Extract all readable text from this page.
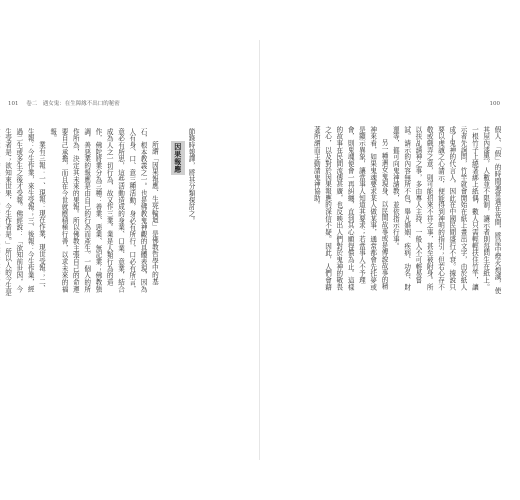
101 卷二　遇女鬼：在生障緣不出口的秘密	100

節錄時報譯，將其分類探討之。

因果報應

所謂「因果報應、生死輪迴」是佛教哲學中的基石，根本教義之一。也是佛教鬼神觀的具體表現，因為人有身、口、意三種活動，身必有所行，口必有所言，意必有所思，這些活動造成的身業、口業、意業，結合成為人之一切行為，故又作三業。業是人類行為的造作，佛陀將業分為三種：善業、惡業、無記業；佛教強調，善惡業的報應是由自己的行為而產生。一個人的所作所為，決定其未來的果報。所以佛教主張自己的命運要自己承擔，而且在今世就應積極行善，以求未來的福報。

業有三報：一、現報：現在作業，現世受報；二、生報：今生作業，來生受報；三、後報：今生作業，經過二生或多生之後才受報。佛經說：「欲知前世因，今生受者是；欲知來世果，今生作者是。」所以人的今生是	假人、「假」的時間通常選在夜間，將屋中燈火熄滅，使其屋內漆黑，人數並不限制，讓示者則每問生在紙上。一根竹子上繞著綁上紙偶，數人只需輕輕扶住竹竿，讓示者先詢問，竹竿就會開始在紙上畫出文字，由於紙人成了鬼神的代言人，因此在中國民間盛行不衰。據說只要以虔誠之心請示，便能得到神明的指引；但若心存不敬或戲弄之意，則可能招來不祥之事，甚至被附身。所以扶乩請神之事，多由專人主持，一般人不可輕易嘗試。請示的內容無所不包，舉凡婚姻、疾病、功名、財運等，都可向鬼神請教，並依指示行事。

另一種遇女鬼現身，以民間故事或是傳說故事的精神來看，如果鬼魂要求某人做某事，通常都會先托夢或是顯示異象，讓當事人知道其要求；若當事人不予理會，則鬼魂便會一再糾纏，直到其心願得償為止。這樣的故事在民間流傳甚廣，也反映出人們對於鬼神的敬畏之心，以及對於因果報應的深信不疑。因此，人們會藉著所謂而主動請鬼神協助。
